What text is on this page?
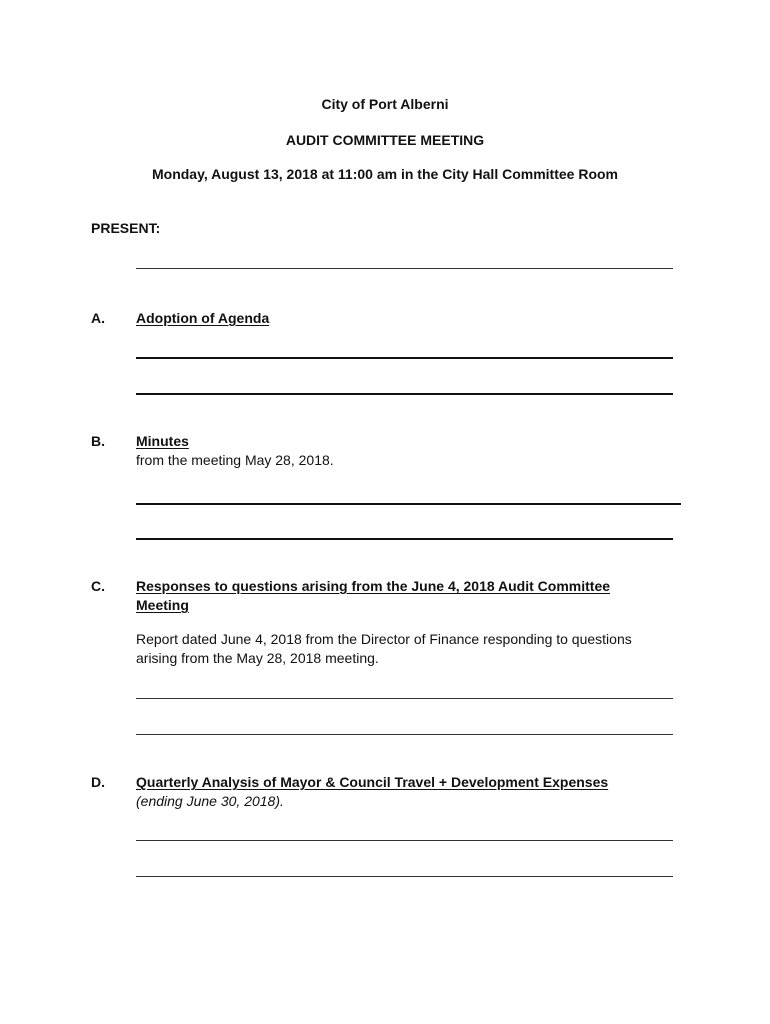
City of Port Alberni
AUDIT COMMITTEE MEETING
Monday, August 13, 2018 at 11:00 am in the City Hall Committee Room
PRESENT:
A. Adoption of Agenda
B. Minutes
from the meeting May 28, 2018.
C. Responses to questions arising from the June 4, 2018 Audit Committee
Meeting
Report dated June 4, 2018 from the Director of Finance responding to questions
arising from the May 28, 2018 meeting.
D. Quarterly Analysis of Mayor & Council Travel + Development Expenses
(ending June 30, 2018).
